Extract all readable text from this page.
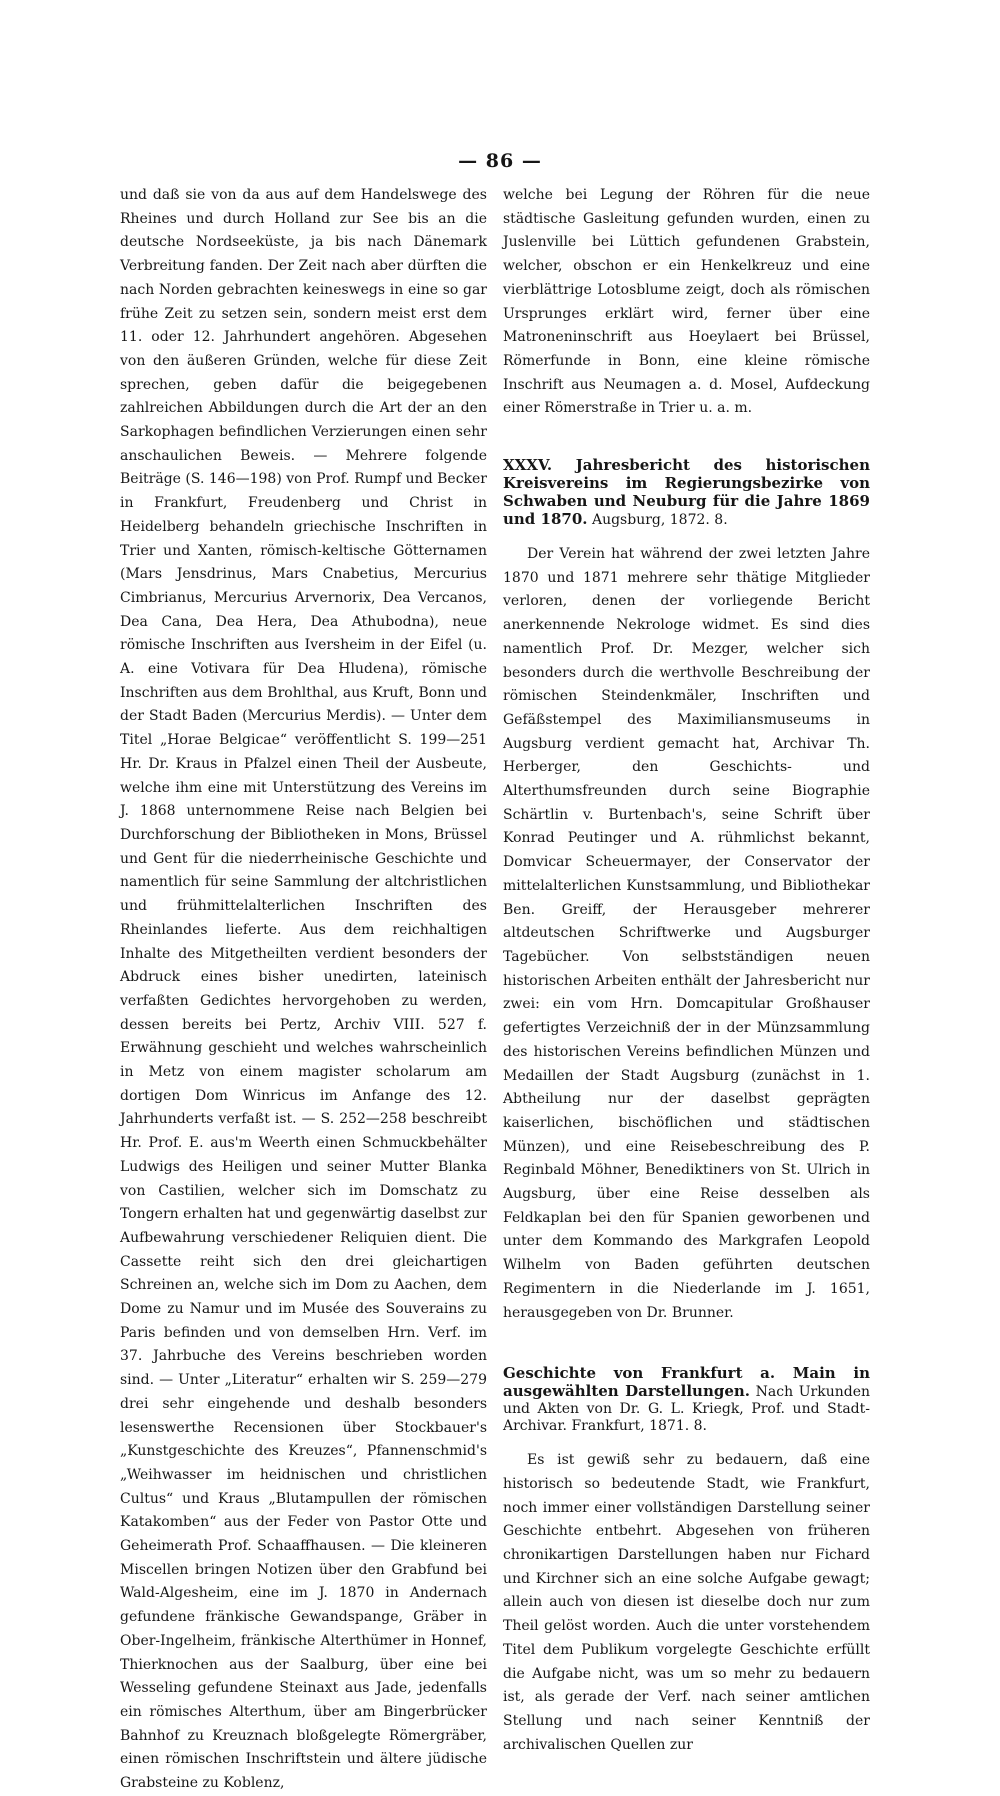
— 86 —

und daß sie von da aus auf dem Handelswege des Rheines und durch Holland zur See bis an die deutsche Nordseeküste, ja bis nach Dänemark Verbreitung fanden. Der Zeit nach aber dürften die nach Norden gebrachten keineswegs in eine so gar frühe Zeit zu setzen sein, sondern meist erst dem 11. oder 12. Jahrhundert angehören. Abgesehen von den äußeren Gründen, welche für diese Zeit sprechen, geben dafür die beigegebenen zahlreichen Abbildungen durch die Art der an den Sarkophagen befindlichen Verzierungen einen sehr anschaulichen Beweis. — Mehrere folgende Beiträge (S. 146—198) von Prof. Rumpf und Becker in Frankfurt, Freudenberg und Christ in Heidelberg behandeln griechische Inschriften in Trier und Xanten, römisch-keltische Götternamen (Mars Jensdrinus, Mars Cnabetius, Mercurius Cimbrianus, Mercurius Arvernorix, Dea Vercanos, Dea Cana, Dea Hera, Dea Athubodna), neue römische Inschriften aus Iversheim in der Eifel (u. A. eine Votivara für Dea Hludena), römische Inschriften aus dem Brohlthal, aus Kruft, Bonn und der Stadt Baden (Mercurius Merdis). — Unter dem Titel „Horae Belgicae“ veröffentlicht S. 199—251 Hr. Dr. Kraus in Pfalzel einen Theil der Ausbeute, welche ihm eine mit Unterstützung des Vereins im J. 1868 unternommene Reise nach Belgien bei Durchforschung der Bibliotheken in Mons, Brüssel und Gent für die niederrheinische Geschichte und namentlich für seine Sammlung der altchristlichen und frühmittelalterlichen Inschriften des Rheinlandes lieferte. Aus dem reichhaltigen Inhalte des Mitgetheilten verdient besonders der Abdruck eines bisher unedirten, lateinisch verfaßten Gedichtes hervorgehoben zu werden, dessen bereits bei Pertz, Archiv VIII. 527 f. Erwähnung geschieht und welches wahrscheinlich in Metz von einem magister scholarum am dortigen Dom Winricus im Anfange des 12. Jahrhunderts verfaßt ist. — S. 252—258 beschreibt Hr. Prof. E. aus'm Weerth einen Schmuckbehälter Ludwigs des Heiligen und seiner Mutter Blanka von Castilien, welcher sich im Domschatz zu Tongern erhalten hat und gegenwärtig daselbst zur Aufbewahrung verschiedener Reliquien dient. Die Cassette reiht sich den drei gleichartigen Schreinen an, welche sich im Dom zu Aachen, dem Dome zu Namur und im Musée des Souverains zu Paris befinden und von demselben Hrn. Verf. im 37. Jahrbuche des Vereins beschrieben worden sind. — Unter „Literatur“ erhalten wir S. 259—279 drei sehr eingehende und deshalb besonders lesenswerthe Recensionen über Stockbauer's „Kunstgeschichte des Kreuzes“, Pfannenschmid's „Weihwasser im heidnischen und christlichen Cultus“ und Kraus „Blutampullen der römischen Katakomben“ aus der Feder von Pastor Otte und Geheimerath Prof. Schaaffhausen. — Die kleineren Miscellen bringen Notizen über den Grabfund bei Wald-Algesheim, eine im J. 1870 in Andernach gefundene fränkische Gewandspange, Gräber in Ober-Ingelheim, fränkische Alterthümer in Honnef, Thierknochen aus der Saalburg, über eine bei Wesseling gefundene Steinaxt aus Jade, jedenfalls ein römisches Alterthum, über am Bingerbrücker Bahnhof zu Kreuznach bloßgelegte Römergräber, einen römischen Inschriftstein und ältere jüdische Grabsteine zu Koblenz,

welche bei Legung der Röhren für die neue städtische Gasleitung gefunden wurden, einen zu Juslenville bei Lüttich gefundenen Grabstein, welcher, obschon er ein Henkelkreuz und eine vierblättrige Lotosblume zeigt, doch als römischen Ursprunges erklärt wird, ferner über eine Matroneninschrift aus Hoeylaert bei Brüssel, Römerfunde in Bonn, eine kleine römische Inschrift aus Neumagen a. d. Mosel, Aufdeckung einer Römerstraße in Trier u. a. m.

XXXV. Jahresbericht des historischen Kreisvereins im Regierungsbezirke von Schwaben und Neuburg für die Jahre 1869 und 1870. Augsburg, 1872. 8.

Der Verein hat während der zwei letzten Jahre 1870 und 1871 mehrere sehr thätige Mitglieder verloren, denen der vorliegende Bericht anerkennende Nekrologe widmet. Es sind dies namentlich Prof. Dr. Mezger, welcher sich besonders durch die werthvolle Beschreibung der römischen Steindenkmäler, Inschriften und Gefäßstempel des Maximiliansmuseums in Augsburg verdient gemacht hat, Archivar Th. Herberger, den Geschichts- und Alterthumsfreunden durch seine Biographie Schärtlin v. Burtenbach's, seine Schrift über Konrad Peutinger und A. rühmlichst bekannt, Domvicar Scheuermayer, der Conservator der mittelalterlichen Kunstsammlung, und Bibliothekar Ben. Greiff, der Herausgeber mehrerer altdeutschen Schriftwerke und Augsburger Tagebücher. Von selbstständigen neuen historischen Arbeiten enthält der Jahresbericht nur zwei: ein vom Hrn. Domcapitular Großhauser gefertigtes Verzeichniß der in der Münzsammlung des historischen Vereins befindlichen Münzen und Medaillen der Stadt Augsburg (zunächst in 1. Abtheilung nur der daselbst geprägten kaiserlichen, bischöflichen und städtischen Münzen), und eine Reisebeschreibung des P. Reginbald Möhner, Benediktiners von St. Ulrich in Augsburg, über eine Reise desselben als Feldkaplan bei den für Spanien geworbenen und unter dem Kommando des Markgrafen Leopold Wilhelm von Baden geführten deutschen Regimentern in die Niederlande im J. 1651, herausgegeben von Dr. Brunner.

Geschichte von Frankfurt a. Main in ausgewählten Darstellungen. Nach Urkunden und Akten von Dr. G. L. Kriegk, Prof. und Stadt-Archivar. Frankfurt, 1871. 8.

Es ist gewiß sehr zu bedauern, daß eine historisch so bedeutende Stadt, wie Frankfurt, noch immer einer vollständigen Darstellung seiner Geschichte entbehrt. Abgesehen von früheren chronikartigen Darstellungen haben nur Fichard und Kirchner sich an eine solche Aufgabe gewagt; allein auch von diesen ist dieselbe doch nur zum Theil gelöst worden. Auch die unter vorstehendem Titel dem Publikum vorgelegte Geschichte erfüllt die Aufgabe nicht, was um so mehr zu bedauern ist, als gerade der Verf. nach seiner amtlichen Stellung und nach seiner Kenntniß der archivalischen Quellen zur
